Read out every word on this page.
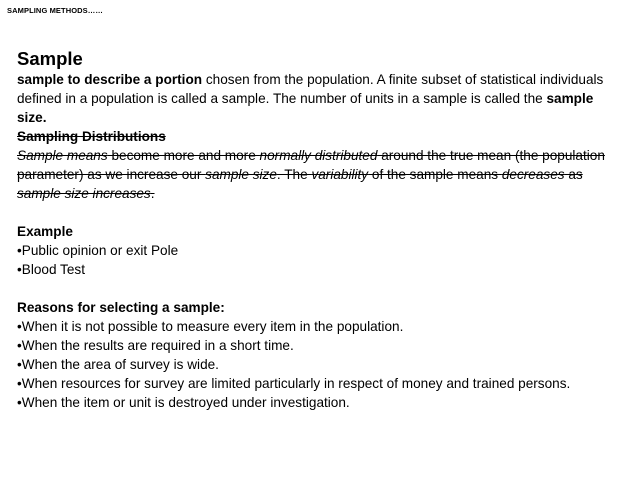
SAMPLING METHODS……
Sample

sample to describe a portion chosen from the population. A finite subset of statistical individuals defined in a population is called a sample. The number of units in a sample is called the sample size.

Sampling Distributions

Sample means become more and more normally distributed around the true mean (the population parameter) as we increase our sample size. The variability of the sample means decreases as sample size increases.

Example

•Public opinion or exit Pole

•Blood Test

Reasons for selecting a sample:

•When it is not possible to measure every item in the population.

•When the results are required in a short time.

•When the area of survey is wide.

•When resources for survey are limited particularly in respect of money and trained persons.

•When the item or unit is destroyed under investigation.
